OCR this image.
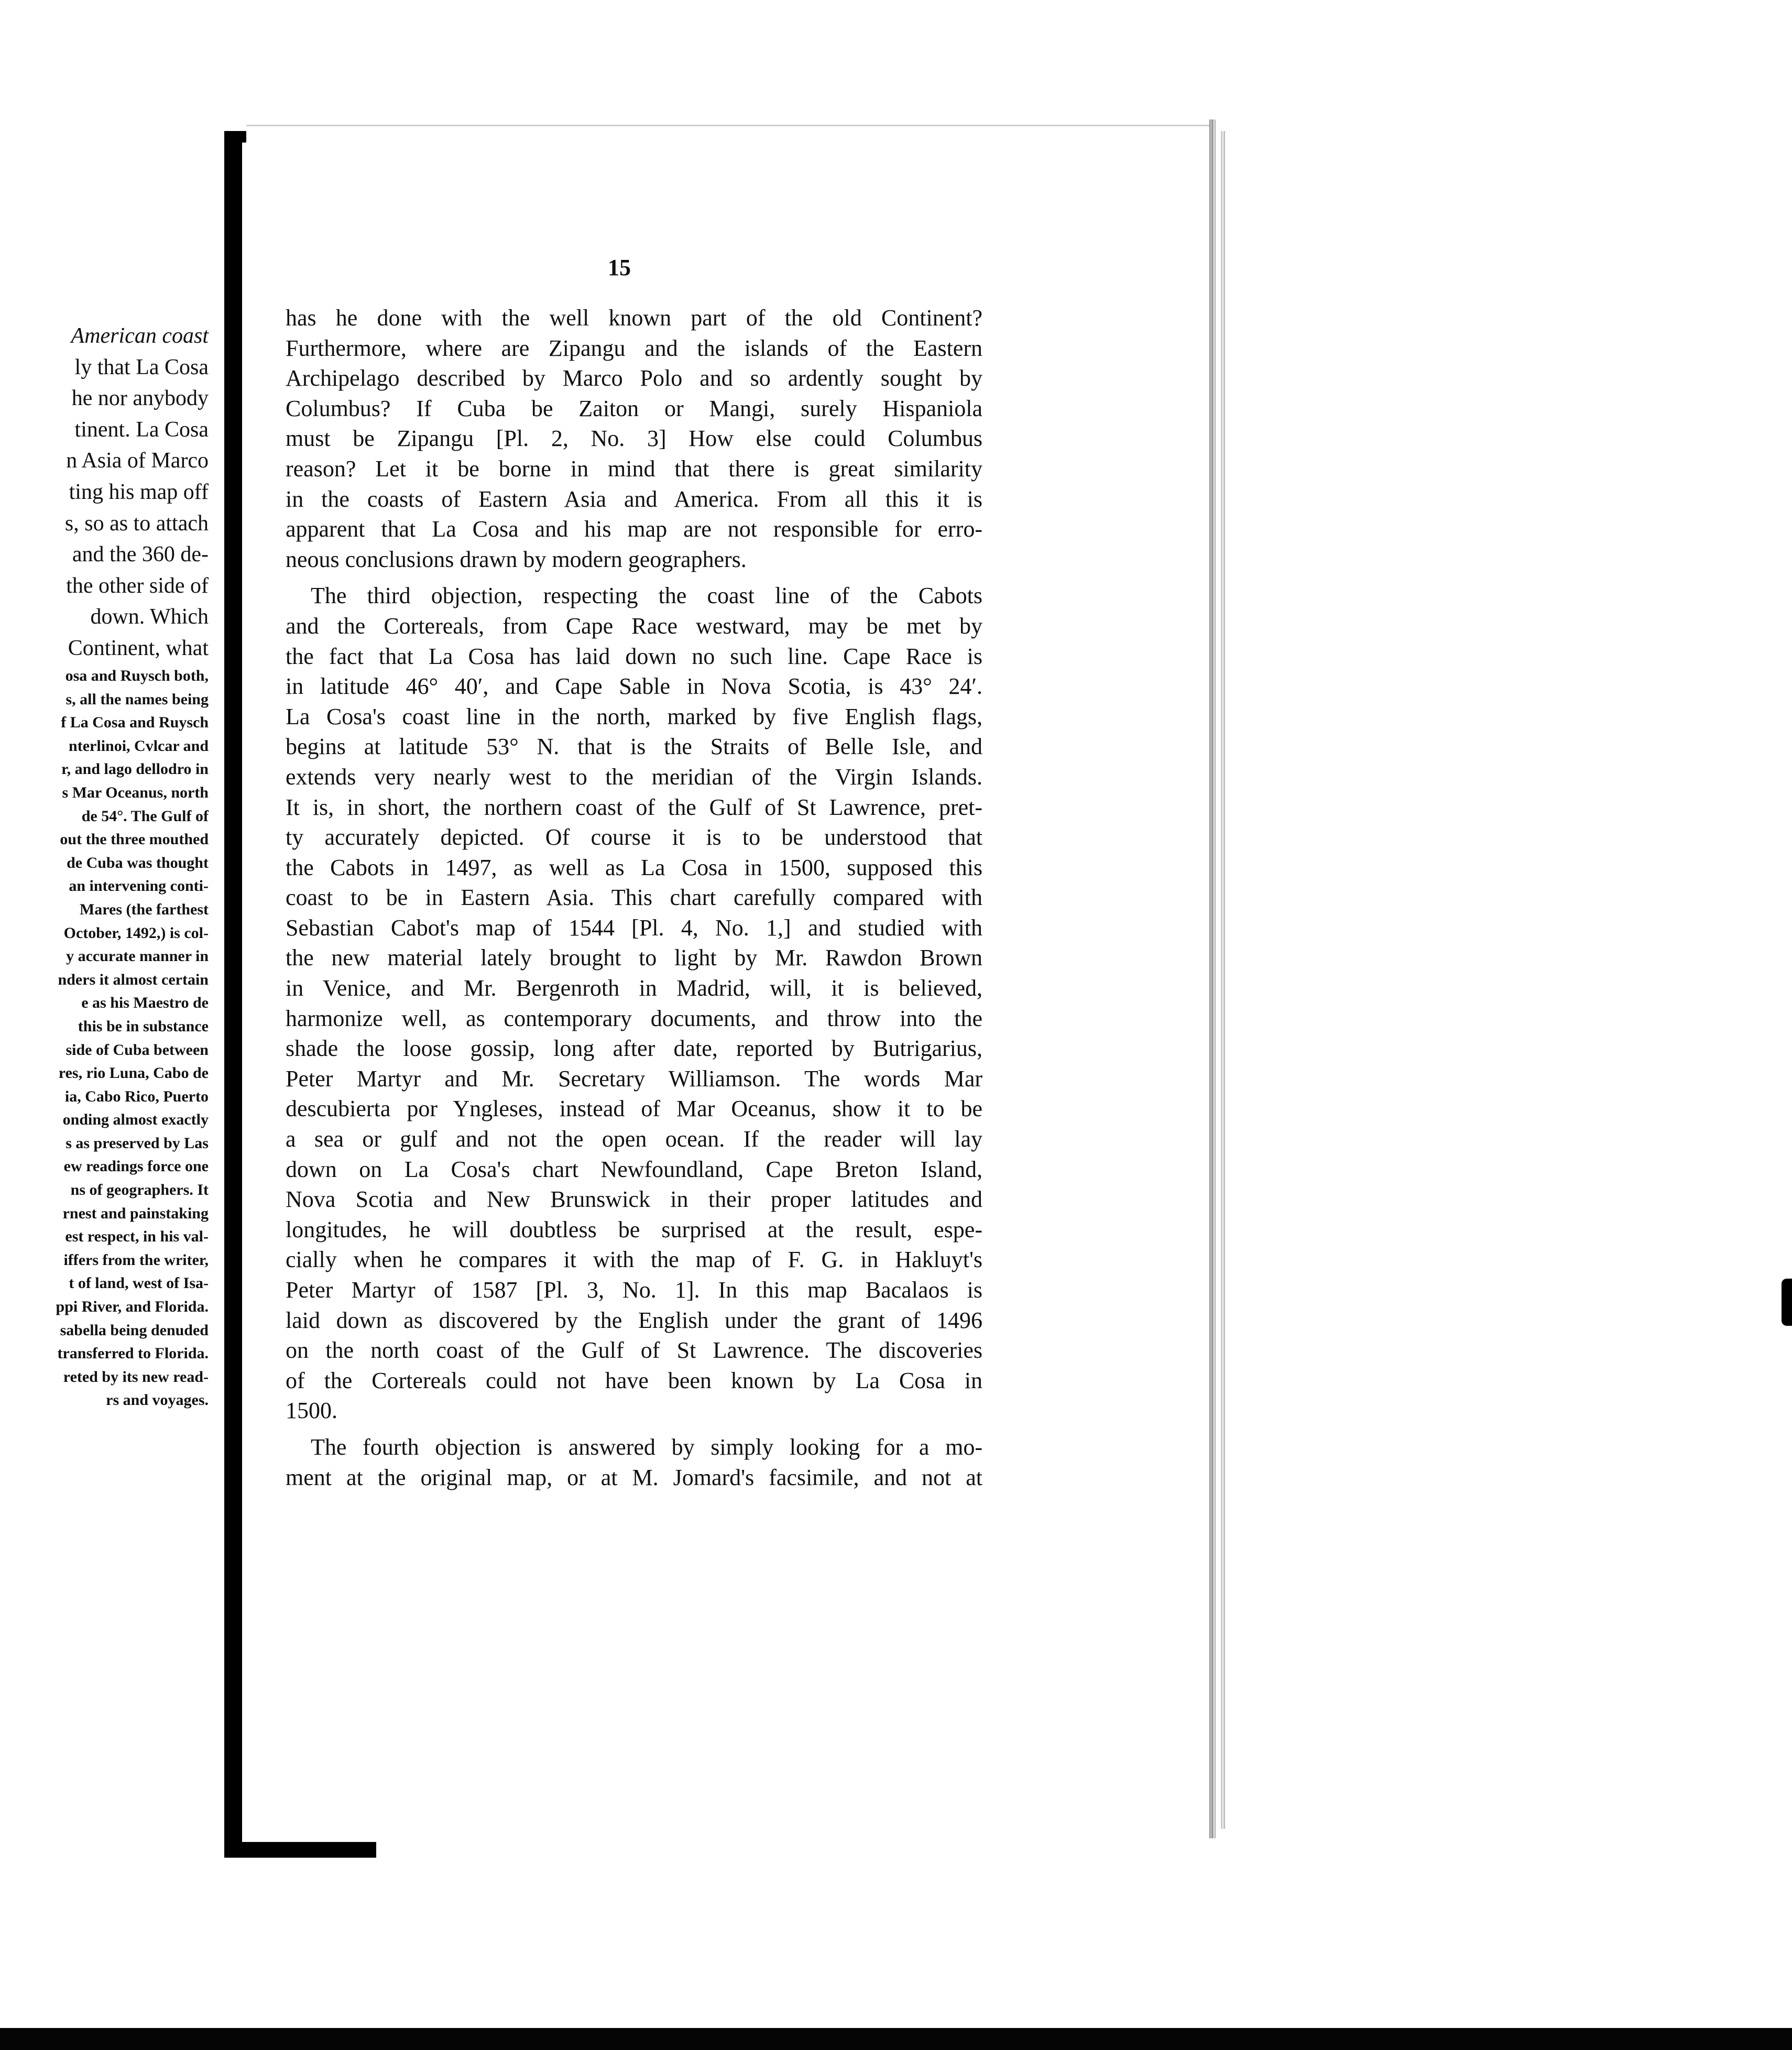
American coast
ly that La Cosa
he nor anybody
tinent. La Cosa
n Asia of Marco
ting his map off
s, so as to attach
and the 360 de-
the other side of
down. Which
Continent, what
osa and Ruysch both,
s, all the names being
f La Cosa and Ruysch
nterlinoi, Cvlcar and
r, and lago dellodro in
s Mar Oceanus, north
de 54°. The Gulf of
out the three mouthed
de Cuba was thought
an intervening conti-
Mares (the farthest
October, 1492,) is col-
y accurate manner in
nders it almost certain
e as his Maestro de
this be in substance
side of Cuba between
res, rio Luna, Cabo de
ia, Cabo Rico, Puerto
onding almost exactly
s as preserved by Las
ew readings force one
ns of geographers. It
rnest and painstaking
est respect, in his val-
iffers from the writer,
t of land, west of Isa-
ppi River, and Florida.
sabella being denuded
transferred to Florida.
reted by its new read-
rs and voyages.
15
has he done with the well known part of the old Continent?
Furthermore, where are Zipangu and the islands of the Eastern
Archipelago described by Marco Polo and so ardently sought by
Columbus? If Cuba be Zaiton or Mangi, surely Hispaniola
must be Zipangu [Pl. 2, No. 3] How else could Columbus
reason? Let it be borne in mind that there is great similarity
in the coasts of Eastern Asia and America. From all this it is
apparent that La Cosa and his map are not responsible for erro-
neous conclusions drawn by modern geographers.
The third objection, respecting the coast line of the Cabots
and the Cortereals, from Cape Race westward, may be met by
the fact that La Cosa has laid down no such line. Cape Race is
in latitude 46° 40′, and Cape Sable in Nova Scotia, is 43° 24′.
La Cosa's coast line in the north, marked by five English flags,
begins at latitude 53° N. that is the Straits of Belle Isle, and
extends very nearly west to the meridian of the Virgin Islands.
It is, in short, the northern coast of the Gulf of St Lawrence, pret-
ty accurately depicted. Of course it is to be understood that
the Cabots in 1497, as well as La Cosa in 1500, supposed this
coast to be in Eastern Asia. This chart carefully compared with
Sebastian Cabot's map of 1544 [Pl. 4, No. 1,] and studied with
the new material lately brought to light by Mr. Rawdon Brown
in Venice, and Mr. Bergenroth in Madrid, will, it is believed,
harmonize well, as contemporary documents, and throw into the
shade the loose gossip, long after date, reported by Butrigarius,
Peter Martyr and Mr. Secretary Williamson. The words Mar
descubierta por Yngleses, instead of Mar Oceanus, show it to be
a sea or gulf and not the open ocean. If the reader will lay
down on La Cosa's chart Newfoundland, Cape Breton Island,
Nova Scotia and New Brunswick in their proper latitudes and
longitudes, he will doubtless be surprised at the result, espe-
cially when he compares it with the map of F. G. in Hakluyt's
Peter Martyr of 1587 [Pl. 3, No. 1]. In this map Bacalaos is
laid down as discovered by the English under the grant of 1496
on the north coast of the Gulf of St Lawrence. The discoveries
of the Cortereals could not have been known by La Cosa in
1500.
The fourth objection is answered by simply looking for a mo-
ment at the original map, or at M. Jomard's facsimile, and not at
